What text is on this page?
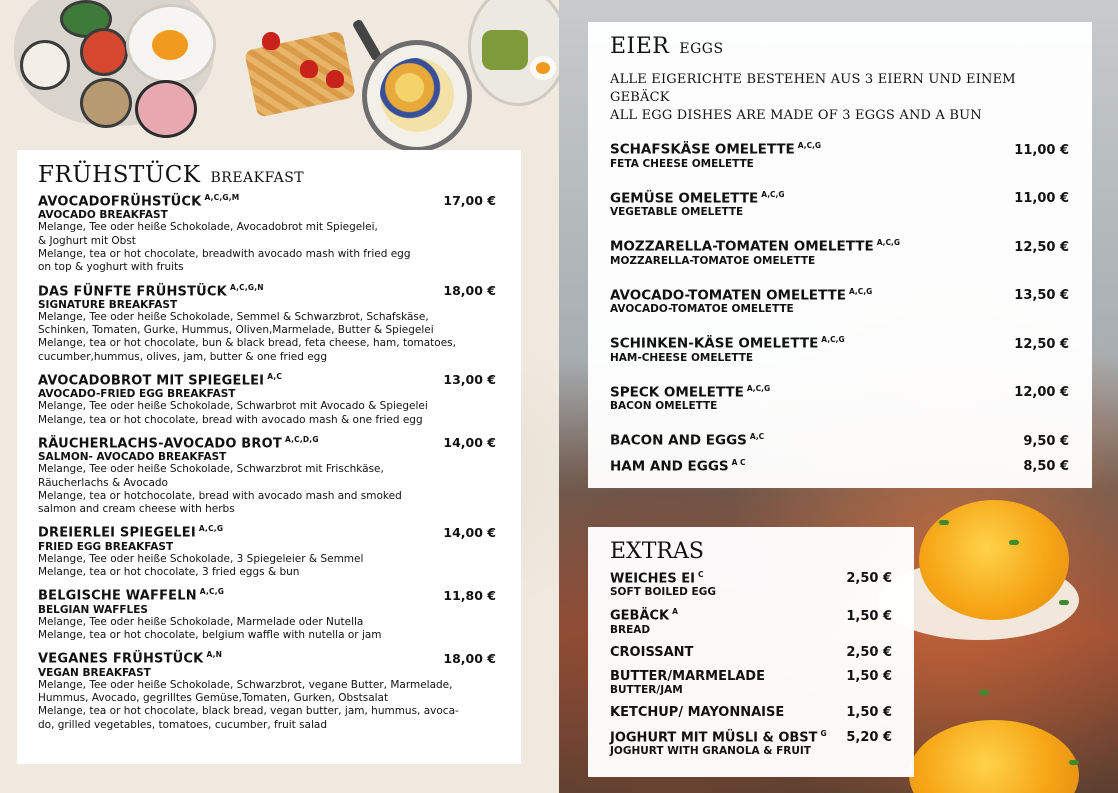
FRÜHSTÜCK BREAKFAST
AVOCADOFRÜHSTÜCK $^{A,C,G,M}$	17,00 €
AVOCADO BREAKFAST
Melange, Tee oder heiße Schokolade, Avocadobrot mit Spiegelei,
& Joghurt mit Obst
Melange, tea or hot chocolate, breadwith avocado mash with fried egg
on top & yoghurt with fruits
DAS FÜNFTE FRÜHSTÜCK $^{A,C,G,N}$	18,00 €
SIGNATURE BREAKFAST
Melange, Tee oder heiße Schokolade, Semmel & Schwarzbrot, Schafskäse,
Schinken, Tomaten, Gurke, Hummus, Oliven,Marmelade, Butter & Spiegelei
Melange, tea or hot chocolate, bun & black bread, feta cheese, ham, tomatoes,
cucumber,hummus, olives, jam, butter & one fried egg
AVOCADOBROT MIT SPIEGELEI $^{A,C}$	13,00 €
AVOCADO-FRIED EGG BREAKFAST
Melange, Tee oder heiße Schokolade, Schwarbrot mit Avocado & Spiegelei
Melange, tea or hot chocolate, bread with avocado mash & one fried egg
RÄUCHERLACHS-AVOCADO BROT $^{A,C,D,G}$	14,00 €
SALMON- AVOCADO BREAKFAST
Melange, Tee oder heiße Schokolade, Schwarzbrot mit Frischkäse,
Räucherlachs & Avocado
Melange, tea or hotchocolate, bread with avocado mash and smoked
salmon and cream cheese with herbs
DREIERLEI SPIEGELEI $^{A,C,G}$	14,00 €
FRIED EGG BREAKFAST
Melange, Tee oder heiße Schokolade, 3 Spiegeleier & Semmel
Melange, tea or hot chocolate, 3 fried eggs & bun
BELGISCHE WAFFELN $^{A,C,G}$	11,80 €
BELGIAN WAFFLES
Melange, Tee oder heiße Schokolade, Marmelade oder Nutella
Melange, tea or hot chocolate, belgium waffle with nutella or jam
VEGANES FRÜHSTÜCK $^{A,N}$	18,00 €
VEGAN BREAKFAST
Melange, Tee oder heiße Schokolade, Schwarzbrot, vegane Butter, Marmelade,
Hummus, Avocado, gegrilltes Gemüse,Tomaten, Gurken, Obstsalat
Melange, tea or hot chocolate, black bread, vegan butter, jam, hummus, avoca-
do, grilled vegetables, tomatoes, cucumber, fruit salad
EIER EGGS
ALLE EIGERICHTE BESTEHEN AUS 3 EIERN UND EINEM GEBÄCK
ALL EGG DISHES ARE MADE OF 3 EGGS AND A BUN
SCHAFSKÄSE OMELETTE $^{A,C,G}$	11,00 €
FETA CHEESE OMELETTE
GEMÜSE OMELETTE $^{A,C,G}$	11,00 €
VEGETABLE OMELETTE
MOZZARELLA-TOMATEN OMELETTE $^{A,C,G}$	12,50 €
MOZZARELLA-TOMATOE OMELETTE
AVOCADO-TOMATEN OMELETTE $^{A,C,G}$	13,50 €
AVOCADO-TOMATOE OMELETTE
SCHINKEN-KÄSE OMELETTE $^{A,C,G}$	12,50 €
HAM-CHEESE OMELETTE
SPECK OMELETTE $^{A,C,G}$	12,00 €
BACON OMELETTE
BACON AND EGGS $^{A,C}$	9,50 €
HAM AND EGGS $^{A C}$	8,50 €
EXTRAS
WEICHES EI $^C$	2,50 €
SOFT BOILED EGG
GEBÄCK $^A$	1,50 €
BREAD
CROISSANT	2,50 €
BUTTER/MARMELADE	1,50 €
BUTTER/JAM
KETCHUP/ MAYONNAISE	1,50 €
JOGHURT MIT MÜSLI & OBST $^G$ 5,20 €
JOGHURT WITH GRANOLA & FRUIT
